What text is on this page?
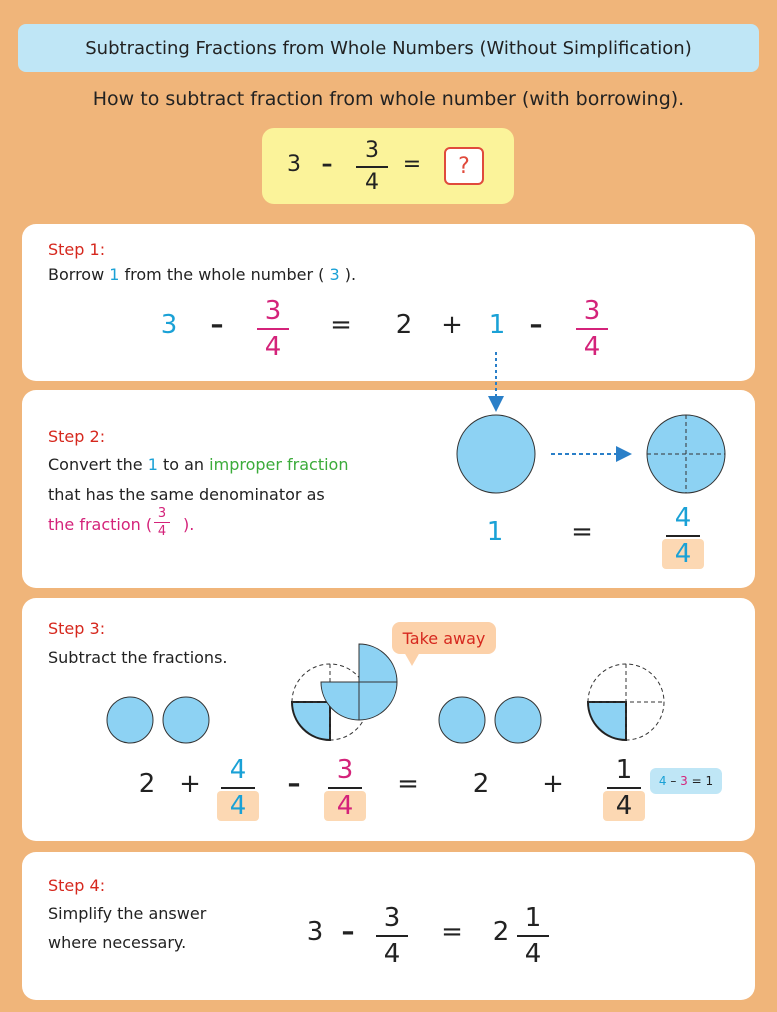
Subtracting Fractions from Whole Numbers (Without Simplification)
How to subtract fraction from whole number (with borrowing).
3 –
3
4
= ?
Step 1:
Borrow 1 from the whole number ( 3 ).
3	–	3
4
= 2 + 1 –	3
4
Step 2:
Convert the 1 to an improper fraction
that has the same denominator as
the fraction (
3
4	).	1	=	4
4
Step 3:
Subtract the fractions.
Take away
2 +	4
4
–	3
4
= 2 +	1
4
4
–
3
=
1
Step 4:
Simplify the answer
where necessary.	3 –	3
4
= 2 1
4
